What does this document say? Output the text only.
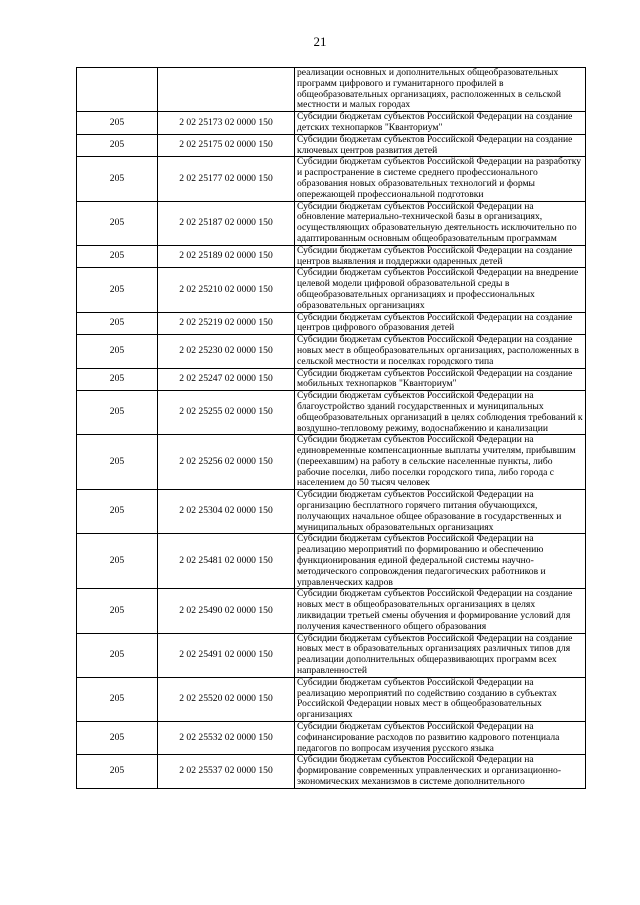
21
		реализации основных и дополнительных общеобразовательных программ цифрового и гуманитарного профилей в общеобразовательных организациях, расположенных в сельской местности и малых городах
205	2 02 25173 02 0000 150	Субсидии бюджетам субъектов Российской Федерации на создание детских технопарков "Кванториум"
205	2 02 25175 02 0000 150	Субсидии бюджетам субъектов Российской Федерации на создание ключевых центров развития детей
205	2 02 25177 02 0000 150	Субсидии бюджетам субъектов Российской Федерации на разработку и распространение в системе среднего профессионального образования новых образовательных технологий и формы опережающей профессиональной подготовки
205	2 02 25187 02 0000 150	Субсидии бюджетам субъектов Российской Федерации на обновление материально-технической базы в организациях, осуществляющих образовательную деятельность исключительно по адаптированным основным общеобразовательным программам
205	2 02 25189 02 0000 150	Субсидии бюджетам субъектов Российской Федерации на создание центров выявления и поддержки одаренных детей
205	2 02 25210 02 0000 150	Субсидии бюджетам субъектов Российской Федерации на внедрение целевой модели цифровой образовательной среды в общеобразовательных организациях и профессиональных образовательных организациях
205	2 02 25219 02 0000 150	Субсидии бюджетам субъектов Российской Федерации на создание центров цифрового образования детей
205	2 02 25230 02 0000 150	Субсидии бюджетам субъектов Российской Федерации на создание новых мест в общеобразовательных организациях, расположенных в сельской местности и поселках городского типа
205	2 02 25247 02 0000 150	Субсидии бюджетам субъектов Российской Федерации на создание мобильных технопарков "Кванториум"
205	2 02 25255 02 0000 150	Субсидии бюджетам субъектов Российской Федерации на благоустройство зданий государственных и муниципальных общеобразовательных организаций в целях соблюдения требований к воздушно-тепловому режиму, водоснабжению и канализации
205	2 02 25256 02 0000 150	Субсидии бюджетам субъектов Российской Федерации на единовременные компенсационные выплаты учителям, прибывшим (переехавшим) на работу в сельские населенные пункты, либо рабочие поселки, либо поселки городского типа, либо города с населением до 50 тысяч человек
205	2 02 25304 02 0000 150	Субсидии бюджетам субъектов Российской Федерации на организацию бесплатного горячего питания обучающихся, получающих начальное общее образование в государственных и муниципальных образовательных организациях
205	2 02 25481 02 0000 150	Субсидии бюджетам субъектов Российской Федерации на реализацию мероприятий по формированию и обеспечению функционирования единой федеральной системы научно-методического сопровождения педагогических работников и управленческих кадров
205	2 02 25490 02 0000 150	Субсидии бюджетам субъектов Российской Федерации на создание новых мест в общеобразовательных организациях в целях ликвидации третьей смены обучения и формирование условий для получения качественного общего образования
205	2 02 25491 02 0000 150	Субсидии бюджетам субъектов Российской Федерации на создание новых мест в образовательных организациях различных типов для реализации дополнительных общеразвивающих программ всех направленностей
205	2 02 25520 02 0000 150	Субсидии бюджетам субъектов Российской Федерации на реализацию мероприятий по содействию созданию в субъектах Российской Федерации новых мест в общеобразовательных организациях
205	2 02 25532 02 0000 150	Субсидии бюджетам субъектов Российской Федерации на софинансирование расходов по развитию кадрового потенциала педагогов по вопросам изучения русского языка
205	2 02 25537 02 0000 150	Субсидии бюджетам субъектов Российской Федерации на формирование современных управленческих и организационно-экономических механизмов в системе дополнительного
